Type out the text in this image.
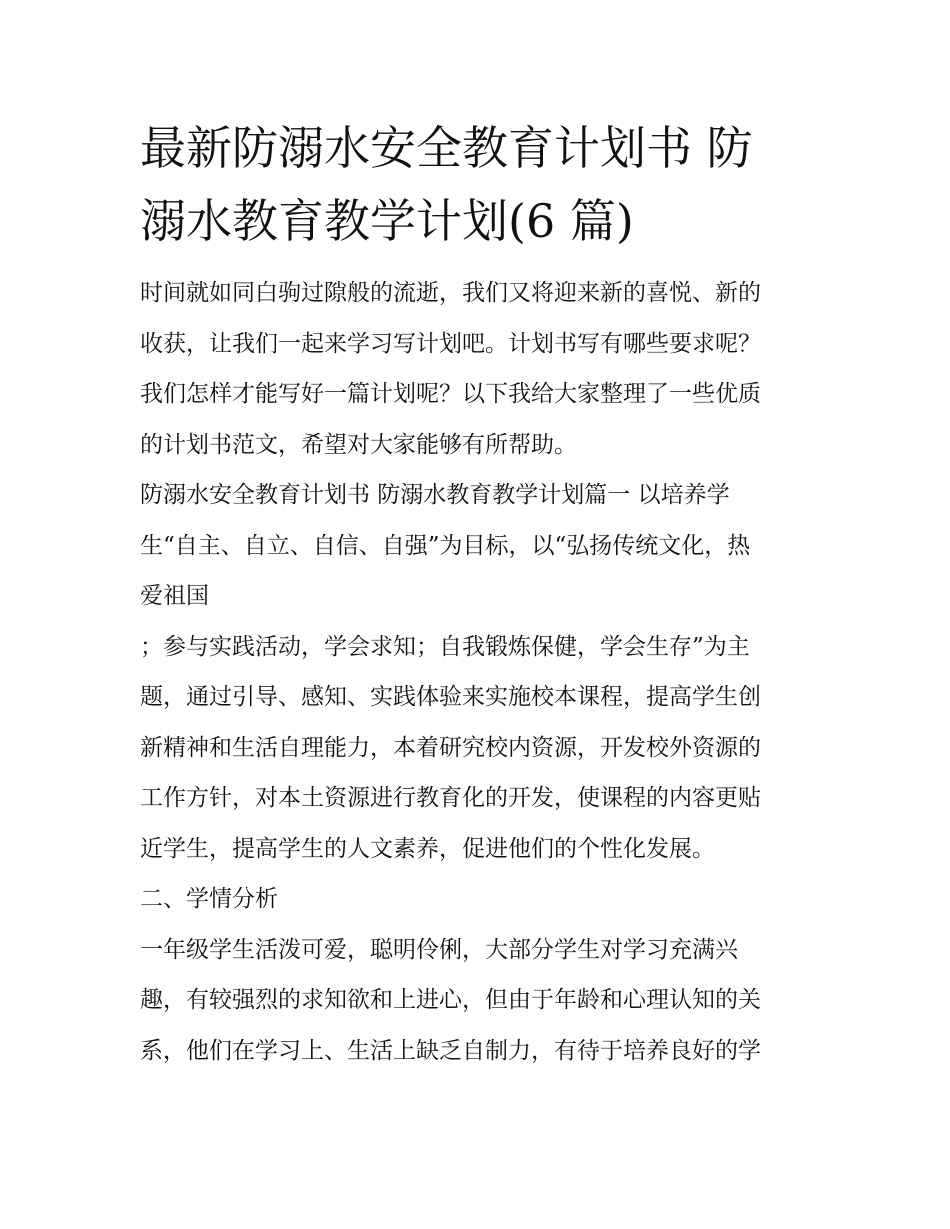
最新防溺水安全教育计划书 防
溺水教育教学计划(6 篇)

时间就如同白驹过隙般的流逝，我们又将迎来新的喜悦、新的

收获，让我们一起来学习写计划吧。计划书写有哪些要求呢？

我们怎样才能写好一篇计划呢？以下我给大家整理了一些优质

的计划书范文，希望对大家能够有所帮助。

防溺水安全教育计划书 防溺水教育教学计划篇一 以培养学

生“自主、自立、自信、自强”为目标，以“弘扬传统文化，热

爱祖国

；参与实践活动，学会求知；自我锻炼保健，学会生存”为主

题，通过引导、感知、实践体验来实施校本课程，提高学生创

新精神和生活自理能力，本着研究校内资源，开发校外资源的

工作方针，对本土资源进行教育化的开发，使课程的内容更贴

近学生，提高学生的人文素养，促进他们的个性化发展。

二、学情分析

一年级学生活泼可爱，聪明伶俐，大部分学生对学习充满兴

趣，有较强烈的求知欲和上进心，但由于年龄和心理认知的关

系，他们在学习上、生活上缺乏自制力，有待于培养良好的学
